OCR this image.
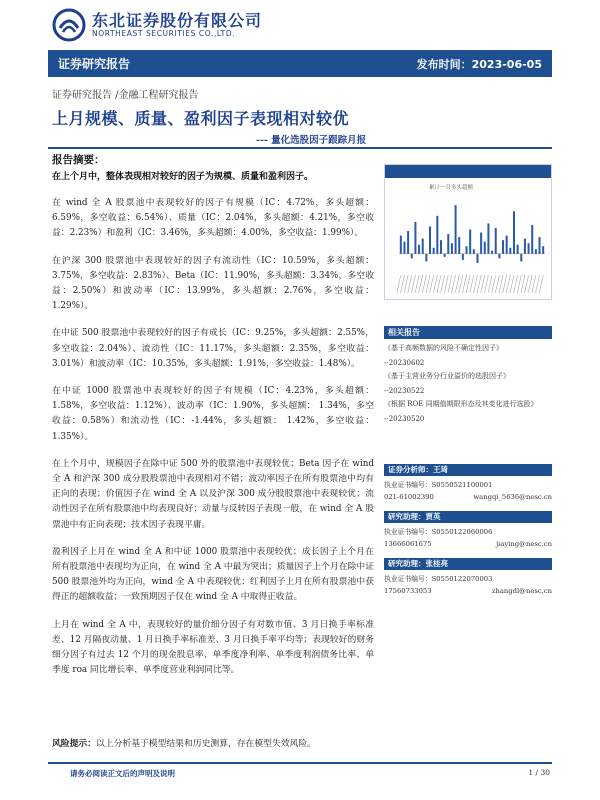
东北证券股份有限公司
NORTHEAST SECURITIES CO.,LTD.
证券研究报告	发布时间：2023-06-05
证券研究报告 /金融工程研究报告
上月规模、质量、盈利因子表现相对较优
--- 量化选股因子跟踪月报
报告摘要：
在上个月中，整体表现相对较好的因子为规模、质量和盈利因子。
在 wind 全 A 股票池中表现较好的因子有规模（IC：4.72%，多头超额：6.59%，多空收益：6.54%）、质量（IC：2.04%，多头超额：4.21%，多空收益：2.23%）和盈利（IC：3.46%，多头超额：4.00%，多空收益：1.99%）。
在沪深 300 股票池中表现较好的因子有流动性（IC：10.59%，多头超额：3.75%，多空收益：2.83%）、Beta（IC：11.90%，多头超额：3.34%，多空收益：2.50%）和波动率（IC：13.99%，多头超额：2.76%，多空收益：1.29%）。
在中证 500 股票池中表现较好的因子有成长（IC：9.25%，多头超额：2.55%，多空收益：2.04%）、流动性（IC：11.17%，多头超额：2.35%，多空收益：3.01%）和波动率（IC：10.35%，多头超额：1.91%，多空收益：1.48%）。
在中证 1000 股票池中表现较好的因子有规模（IC：4.23%，多头超额：1.58%，多空收益：1.12%）、波动率（IC：1.90%，多头超额： 1.34%，多空收益：0.58%）和流动性（IC：-1.44%，多头超额： 1.42%，多空收益： 1.35%）。
在上个月中，规模因子在除中证 500 外的股票池中表现较优；Beta 因子在 wind 全 A 和沪深 300 成分股股票池中表现相对不错；波动率因子在所有股票池中均有正向的表现；价值因子在 wind 全 A 以及沪深 300 成分股股票池中表现较优；流动性因子在所有股票池中均表现良好；动量与反转因子表现一般，在 wind 全 A 股票池中有正向表现；技术因子表现平庸。
盈利因子上月在 wind 全 A 和中证 1000 股票池中表现较优；成长因子上个月在所有股票池中表现均为正向，在 wind 全 A 中最为突出；质量因子上个月在除中证 500 股票池外均为正向，wind 全 A 中表现较优；红利因子上月在所有股票池中获得正的超额收益；一致预期因子仅在 wind 全 A 中取得正收益。
上月在 wind 全 A 中，表现较好的量价细分因子有对数市值、3 月日换手率标准差、12 月隔夜动量、1 月日换手率标准差、3 月日换手率平均等；表现较好的财务细分因子有过去 12 个月的现金股息率、单季度净利率、单季度利润债务比率、单季度 roa 同比增长率、单季度营业利润同比等。
累计一月多头超额
相关报告
《基于高频数据的风险不确定性因子》
--20230602
《基于主营业务分行业溢价的选股因子》
--20230522
《根据 ROE 同期值期限形态及其变化进行选股》
--20230520
证券分析师：王琦
执业证书编号：S0550521100001
021-61002390	wangqi_5636@nesc.cn
研究助理：贾英
执业证书编号：S0550122060006
13666061675	jiaying@nesc.cn
研究助理：张桂亮
执业证书编号：S0550122070003
17560733053	zhangdl@nesc.cn
风险提示：以上分析基于模型结果和历史测算，存在模型失效风险。
请务必阅读正文后的声明及说明	1 / 30
